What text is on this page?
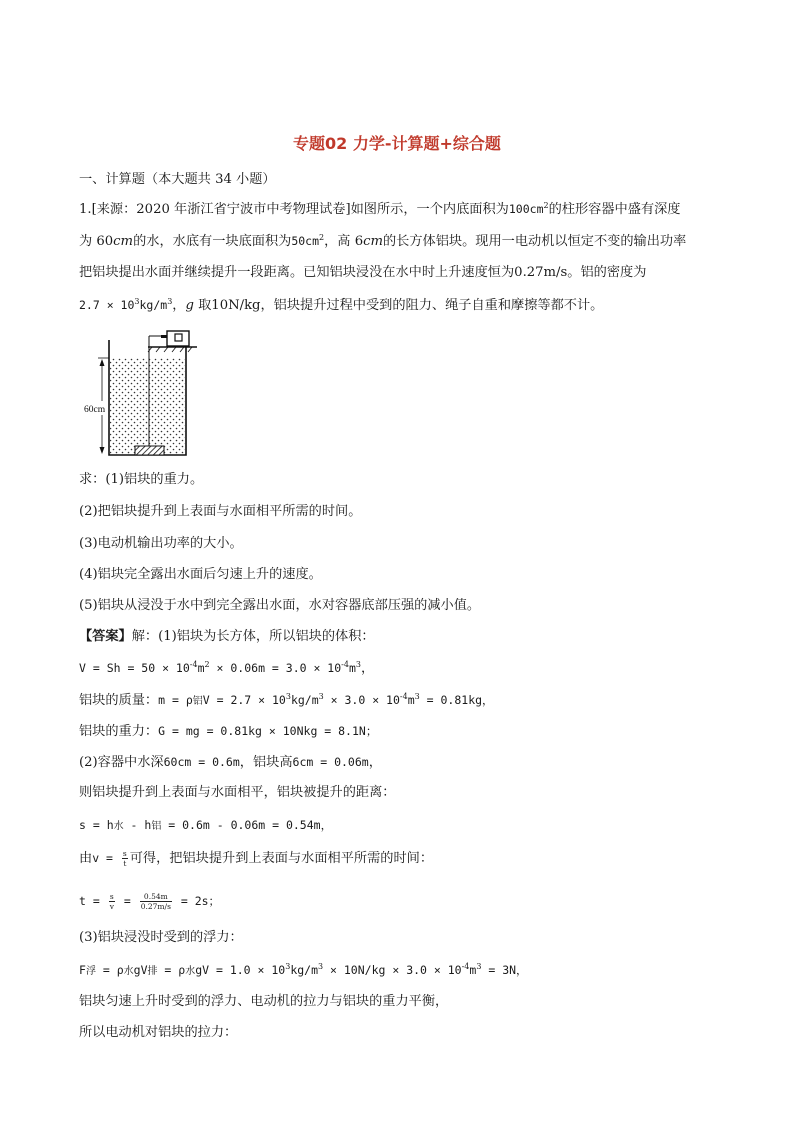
专题02 力学-计算题+综合题
一、计算题（本大题共 34 小题）
1.[来源：2020 年浙江省宁波市中考物理试卷]如图所示，一个内底面积为$100cm^2$的柱形容器中盛有深度
为 60cm的水，水底有一块底面积为$50cm^2$，高 6cm的长方体铝块。现用一电动机以恒定不变的输出功率
把铝块提出水面并继续提升一段距离。已知铝块浸没在水中时上升速度恒为0.27m/s。铝的密度为
$2.7 \times 10^3kg/m^3$，g 取10N/kg，铝块提升过程中受到的阻力、绳子自重和摩擦等都不计。
60cm
求：(1)铝块的重力。
(2)把铝块提升到上表面与水面相平所需的时间。
(3)电动机输出功率的大小。
(4)铝块完全露出水面后匀速上升的速度。
(5)铝块从浸没于水中到完全露出水面，水对容器底部压强的减小值。
【答案】解：(1)铝块为长方体，所以铝块的体积：
$V = Sh = 50 \times 10^{-4}m^2 \times 0.06m = 3.0 \times 10^{-4}m^3$，
铝块的质量：m = ρ铝$V = 2.7 \times 10^3kg/m^3 \times 3.0 \times 10^{-4}m^3 = 0.81kg$，
铝块的重力：G = mg = 0.81kg × 10Nkg = 8.1N；
(2)容器中水深60cm = 0.6m，铝块高6cm = 0.06m，
则铝块提升到上表面与水面相平，铝块被提升的距离：
s = h水 - h铝 = 0.6m - 0.06m = 0.54m，
由$v = \frac{s}{t}$ 可得，把铝块提升到上表面与水面相平所需的时间：
$t = \frac{s}{v} = \frac{0.54m}{0.27m/s} = 2s$；
(3)铝块浸没时受到的浮力：
F浮 = ρ水gV排 = ρ水gV = $1.0 \times 10^3kg/m^3 \times 10N/kg \times 3.0 \times 10^{-4}m^3 = 3N$，
铝块匀速上升时受到的浮力、电动机的拉力与铝块的重力平衡，
所以电动机对铝块的拉力：
